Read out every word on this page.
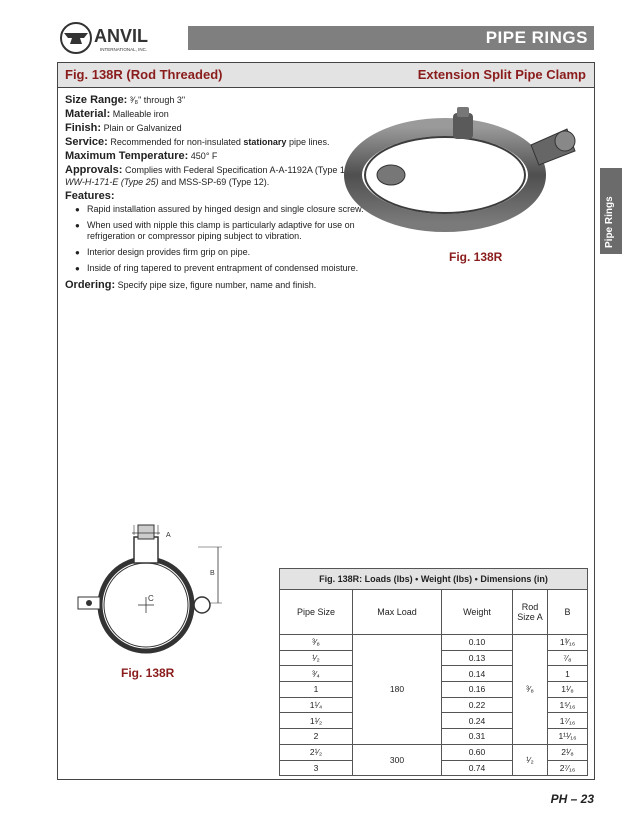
ANVIL
INTERNATIONAL, INC.
PIPE RINGS
Pipe Rings
Fig. 138R (Rod Threaded)	Extension Split Pipe Clamp
Size Range: ³⁄₈" through 3"
Material: Malleable iron
Finish: Plain or Galvanized
Service: Recommended for non-insulated stationary pipe lines.
Maximum Temperature: 450° F
Approvals: Complies with Federal Specification A-A-1192A (Type 12)
WW-H-171-E (Type 25) and MSS-SP-69 (Type 12).
Features:
● Rapid installation assured by hinged design and single closure screw.
● When used with nipple this clamp is particularly adaptive for use on refrigeration or compressor piping subject to vibration.
● Interior design provides firm grip on pipe.
● Inside of ring tapered to prevent entrapment of condensed moisture.
Ordering: Specify pipe size, figure number, name and finish.
Fig. 138R
A
B
C
Fig. 138R
Fig. 138R: Loads (lbs) • Weight (lbs) • Dimensions (in)				
Pipe Size	Max Load	Weight	Rod Size A	B
³⁄₈	180	0.10	³⁄₈	1³⁄₁₆
¹⁄₂		0.13		⁷⁄₈
³⁄₄		0.14		1
1		0.16		1¹⁄₈
1¹⁄₄		0.22		1⁵⁄₁₆
1¹⁄₂		0.24		1⁷⁄₁₆
2		0.31		1¹¹⁄₁₆
2¹⁄₂	300	0.60	¹⁄₂	2¹⁄₈
3		0.74		2⁷⁄₁₆
PH – 23
